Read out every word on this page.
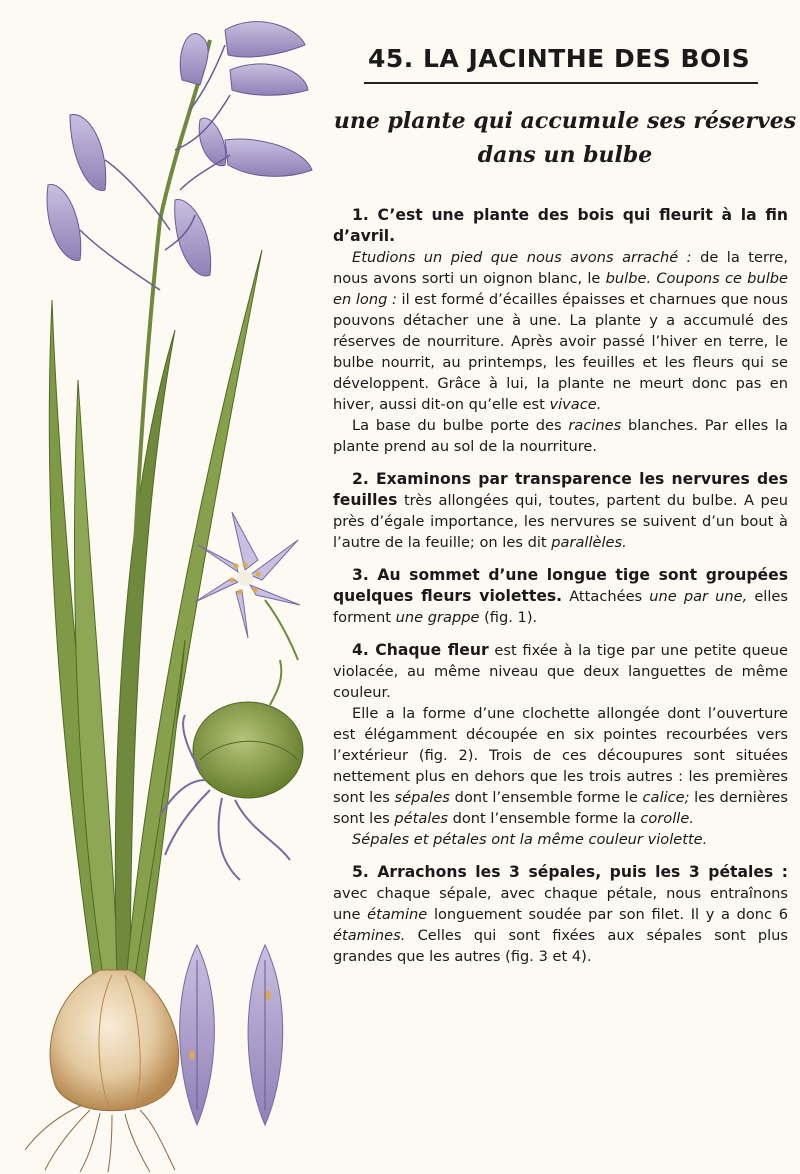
45. LA JACINTHE DES BOIS
une plante qui accumule ses réserves
dans un bulbe

1. C’est une plante des bois qui fleurit à la fin d’avril.

Etudions un pied que nous avons arraché : de la terre, nous avons sorti un oignon blanc, le bulbe. Coupons ce bulbe en long : il est formé d’écailles épaisses et charnues que nous pouvons détacher une à une. La plante y a accumulé des réserves de nourriture. Après avoir passé l’hiver en terre, le bulbe nourrit, au printemps, les feuilles et les fleurs qui se développent. Grâce à lui, la plante ne meurt donc pas en hiver, aussi dit-on qu’elle est vivace.

La base du bulbe porte des racines blanches. Par elles la plante prend au sol de la nourriture.

2. Examinons par transparence les nervures des feuilles très allongées qui, toutes, partent du bulbe. A peu près d’égale importance, les nervures se suivent d’un bout à l’autre de la feuille; on les dit parallèles.

3. Au sommet d’une longue tige sont groupées quelques fleurs violettes. Attachées une par une, elles forment une grappe (fig. 1).

4. Chaque fleur est fixée à la tige par une petite queue violacée, au même niveau que deux languettes de même couleur.

Elle a la forme d’une clochette allongée dont l’ouverture est élégamment découpée en six pointes recourbées vers l’extérieur (fig. 2). Trois de ces découpures sont situées nettement plus en dehors que les trois autres : les premières sont les sépales dont l’ensemble forme le calice; les dernières sont les pétales dont l’ensemble forme la corolle.

Sépales et pétales ont la même couleur violette.

5. Arrachons les 3 sépales, puis les 3 pétales : avec chaque sépale, avec chaque pétale, nous entraînons une étamine longuement soudée par son filet. Il y a donc 6 étamines. Celles qui sont fixées aux sépales sont plus grandes que les autres (fig. 3 et 4).
